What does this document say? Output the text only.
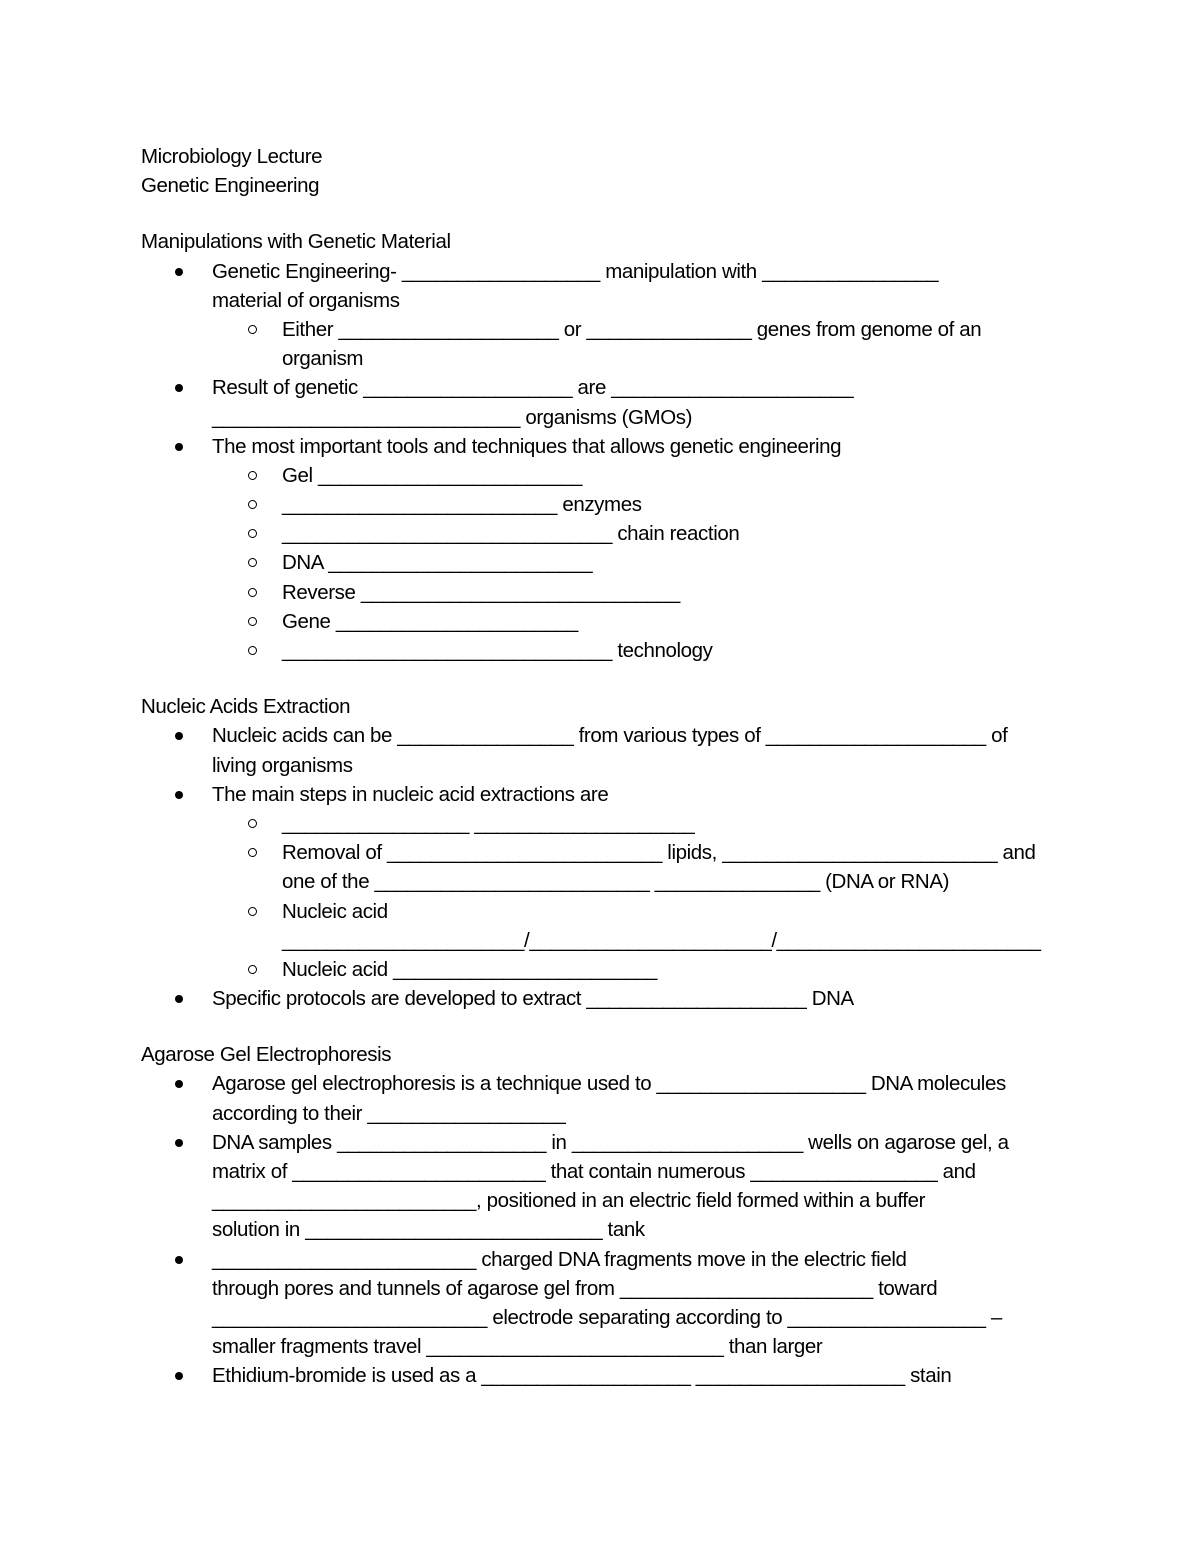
Microbiology Lecture
Genetic Engineering
Manipulations with Genetic Material
Genetic Engineering- __________________ manipulation with ________________
material of organisms
Either ____________________ or _______________ genes from genome of an
organism
Result of genetic ___________________ are ______________________
____________________________ organisms (GMOs)
The most important tools and techniques that allows genetic engineering
Gel ________________________
_________________________ enzymes
______________________________ chain reaction
DNA ________________________
Reverse _____________________________
Gene ______________________
______________________________ technology
Nucleic Acids Extraction
Nucleic acids can be ________________ from various types of ____________________ of
living organisms
The main steps in nucleic acid extractions are
_________________ ____________________
Removal of _________________________ lipids, _________________________ and
one of the _________________________ _______________ (DNA or RNA)
Nucleic acid
______________________/______________________/________________________
Nucleic acid ________________________
Specific protocols are developed to extract ____________________ DNA
Agarose Gel Electrophoresis
Agarose gel electrophoresis is a technique used to ___________________ DNA molecules
according to their __________________
DNA samples ___________________ in _____________________ wells on agarose gel, a
matrix of _______________________ that contain numerous _________________ and
________________________, positioned in an electric field formed within a buffer
solution in ___________________________ tank
________________________ charged DNA fragments move in the electric field
through pores and tunnels of agarose gel from _______________________ toward
_________________________ electrode separating according to __________________ –
smaller fragments travel ___________________________ than larger
Ethidium-bromide is used as a ___________________ ___________________ stain
